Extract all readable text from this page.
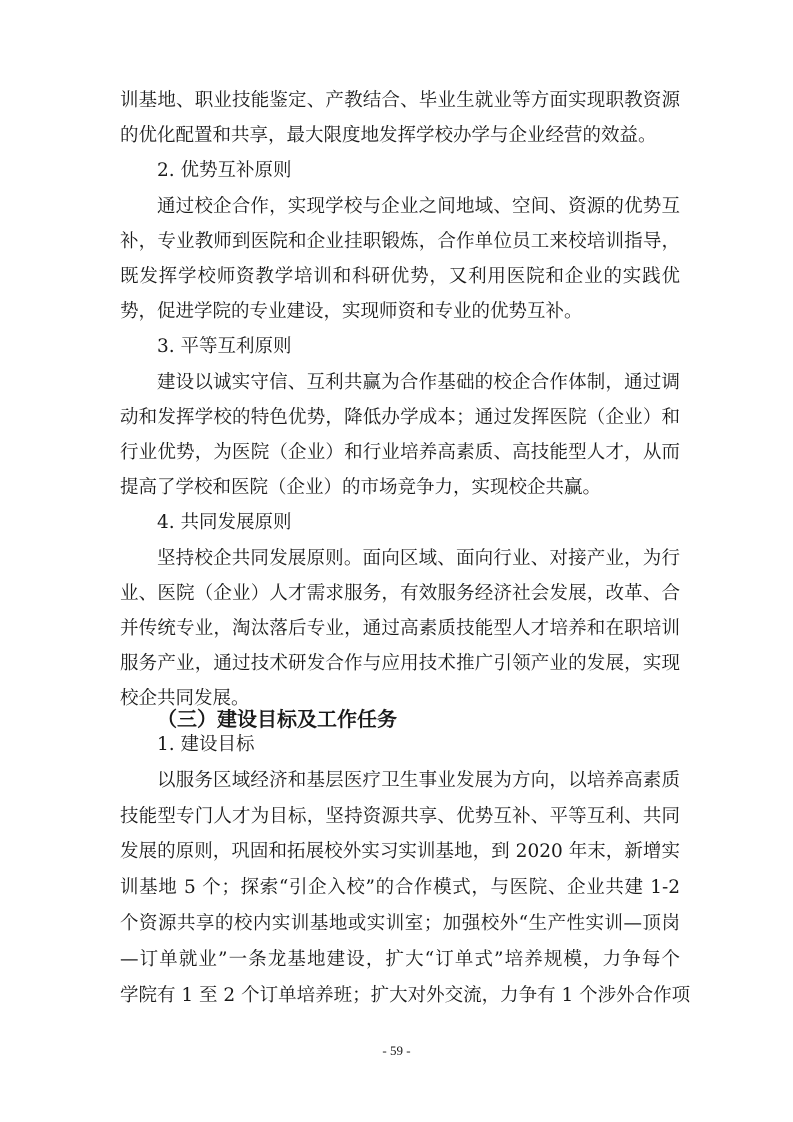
训基地、职业技能鉴定、产教结合、毕业生就业等方面实现职教资源
的优化配置和共享，最大限度地发挥学校办学与企业经营的效益。
2. 优势互补原则
通过校企合作，实现学校与企业之间地域、空间、资源的优势互
补，专业教师到医院和企业挂职锻炼，合作单位员工来校培训指导，
既发挥学校师资教学培训和科研优势，又利用医院和企业的实践优
势，促进学院的专业建设，实现师资和专业的优势互补。
3. 平等互利原则
建设以诚实守信、互利共赢为合作基础的校企合作体制，通过调
动和发挥学校的特色优势，降低办学成本；通过发挥医院（企业）和
行业优势，为医院（企业）和行业培养高素质、高技能型人才，从而
提高了学校和医院（企业）的市场竞争力，实现校企共赢。
4. 共同发展原则
坚持校企共同发展原则。面向区域、面向行业、对接产业，为行
业、医院（企业）人才需求服务，有效服务经济社会发展，改革、合
并传统专业，淘汰落后专业，通过高素质技能型人才培养和在职培训
服务产业，通过技术研发合作与应用技术推广引领产业的发展，实现
校企共同发展。
1. 建设目标
以服务区域经济和基层医疗卫生事业发展为方向，以培养高素质
技能型专门人才为目标，坚持资源共享、优势互补、平等互利、共同
发展的原则，巩固和拓展校外实习实训基地，到 2020 年末，新增实
训基地 5 个；探索“引企入校”的合作模式，与医院、企业共建 1-2
个资源共享的校内实训基地或实训室；加强校外“生产性实训—顶岗
—订单就业”一条龙基地建设，扩大“订单式”培养规模，力争每个
学院有 1 至 2 个订单培养班；扩大对外交流，力争有 1 个涉外合作项
（三）建设目标及工作任务
- 59 -
